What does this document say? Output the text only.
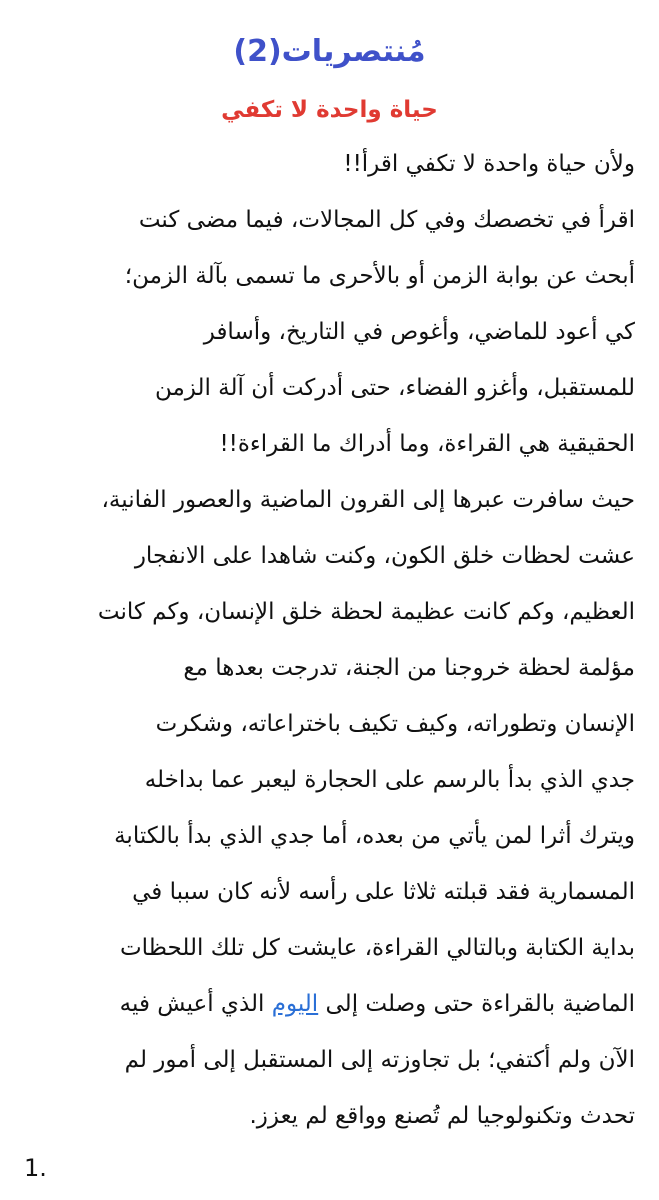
مُنتصريات(2)
حياة واحدة لا تكفي
ولأن حياة واحدة لا تكفي اقرأ!!
اقرأ في تخصصك وفي كل المجالات، فيما مضى كنت
أبحث عن بوابة الزمن أو بالأحرى ما تسمى بآلة الزمن؛
كي أعود للماضي، وأغوص في التاريخ، وأسافر
للمستقبل، وأغزو الفضاء، حتى أدركت أن آلة الزمن
الحقيقية هي القراءة، وما أدراك ما القراءة!!
حيث سافرت عبرها إلى القرون الماضية والعصور الفانية،
عشت لحظات خلق الكون، وكنت شاهدا على الانفجار
العظيم، وكم كانت عظيمة لحظة خلق الإنسان، وكم كانت
مؤلمة لحظة خروجنا من الجنة، تدرجت بعدها مع
الإنسان وتطوراته، وكيف تكيف باختراعاته، وشكرت
جدي الذي بدأ بالرسم على الحجارة ليعبر عما بداخله
ويترك أثرا لمن يأتي من بعده، أما جدي الذي بدأ بالكتابة
المسمارية فقد قبلته ثلاثا على رأسه لأنه كان سببا في
بداية الكتابة وبالتالي القراءة، عايشت كل تلك اللحظات
الماضية بالقراءة حتى وصلت إلى اليوم الذي أعيش فيه
الآن ولم أكتفي؛ بل تجاوزته إلى المستقبل إلى أمور لم
تحدث وتكنولوجيا لم تُصنع وواقع لم يعزز.
1.
